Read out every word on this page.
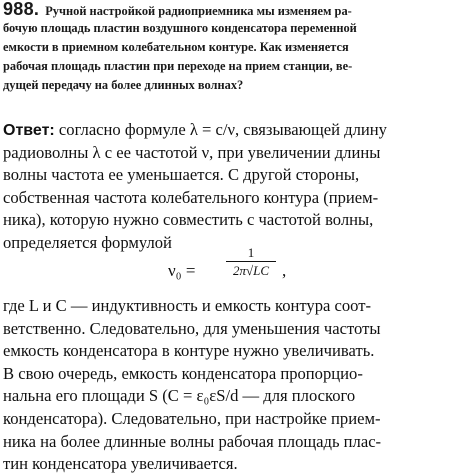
988. Ручной настройкой радиоприемника мы изменяем ра-
бочую площадь пластин воздушного конденсатора переменной
емкости в приемном колебательном контуре. Как изменяется
рабочая площадь пластин при переходе на прием станции, ве-
дущей передачу на более длинных волнах?
Ответ: согласно формуле λ = c/ν, связывающей длину
радиоволны λ с ее частотой ν, при увеличении длины
волны частота ее уменьшается. С другой стороны,
собственная частота колебательного контура (прием-
ника), которую нужно совместить с частотой волны,
определяется формулой
ν₀ =
1
2π√LC ,
где L и C — индуктивность и емкость контура соот-
ветственно. Следовательно, для уменьшения частоты
емкость конденсатора в контуре нужно увеличивать.
В свою очередь, емкость конденсатора пропорцио-
нальна его площади S (C = ε₀εS/d — для плоского
конденсатора). Следовательно, при настройке прием-
ника на более длинные волны рабочая площадь плас-
тин конденсатора увеличивается.
